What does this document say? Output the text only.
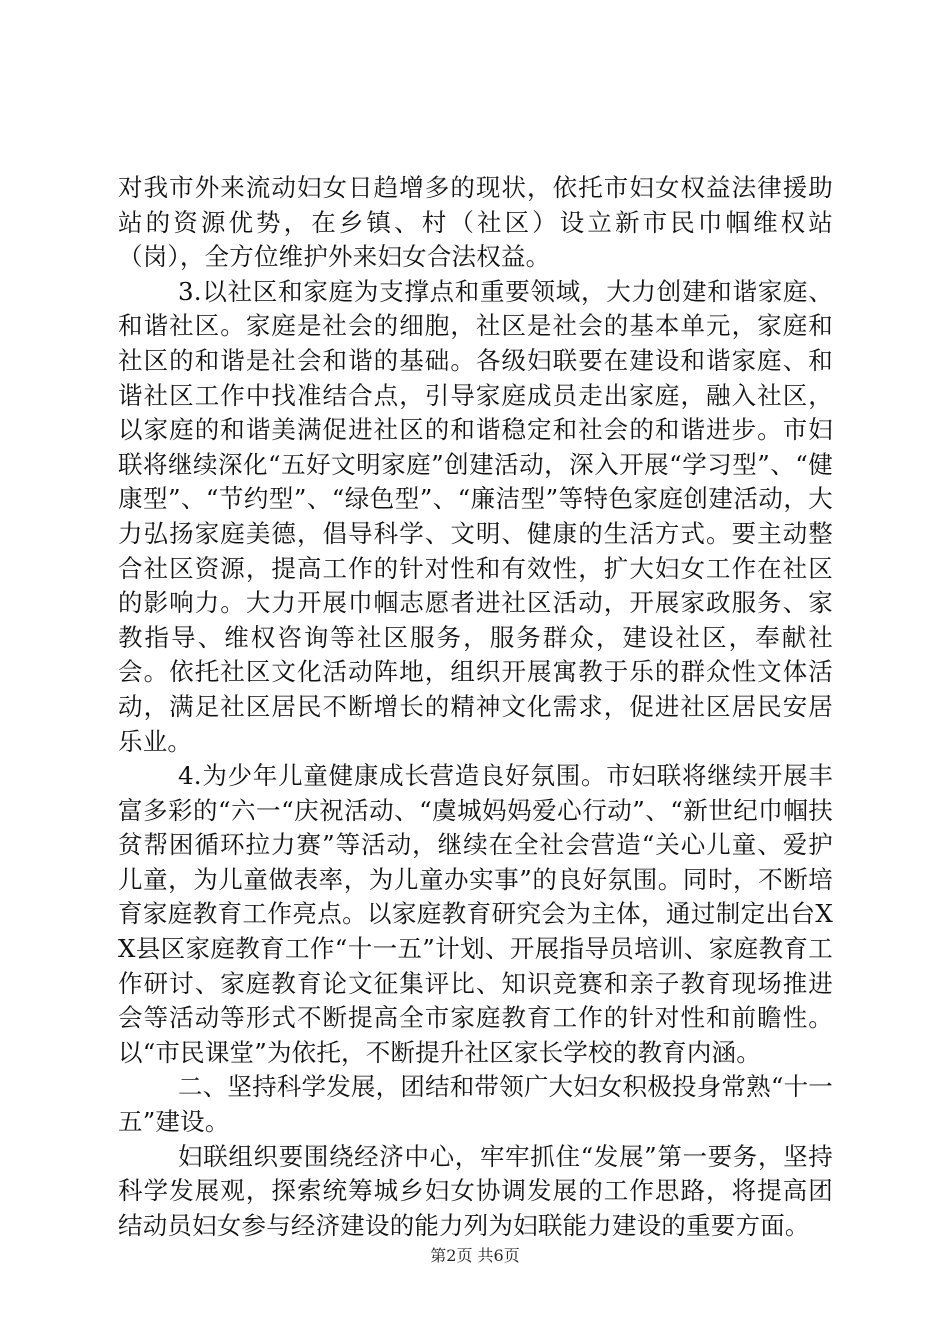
对我市外来流动妇女日趋增多的现状，依托市妇女权益法律援助站的资源优势，在乡镇、村（社区）设立新市民巾帼维权站（岗），全方位维护外来妇女合法权益。

3.以社区和家庭为支撑点和重要领域，大力创建和谐家庭、和谐社区。家庭是社会的细胞，社区是社会的基本单元，家庭和社区的和谐是社会和谐的基础。各级妇联要在建设和谐家庭、和谐社区工作中找准结合点，引导家庭成员走出家庭，融入社区，以家庭的和谐美满促进社区的和谐稳定和社会的和谐进步。市妇联将继续深化“五好文明家庭”创建活动，深入开展“学习型”、“健康型”、“节约型”、“绿色型”、“廉洁型”等特色家庭创建活动，大力弘扬家庭美德，倡导科学、文明、健康的生活方式。要主动整合社区资源，提高工作的针对性和有效性，扩大妇女工作在社区的影响力。大力开展巾帼志愿者进社区活动，开展家政服务、家教指导、维权咨询等社区服务，服务群众，建设社区，奉献社会。依托社区文化活动阵地，组织开展寓教于乐的群众性文体活动，满足社区居民不断增长的精神文化需求，促进社区居民安居乐业。

4.为少年儿童健康成长营造良好氛围。市妇联将继续开展丰富多彩的“六一“庆祝活动、“虞城妈妈爱心行动”、“新世纪巾帼扶贫帮困循环拉力赛”等活动，继续在全社会营造“关心儿童、爱护儿童，为儿童做表率，为儿童办实事”的良好氛围。同时，不断培育家庭教育工作亮点。以家庭教育研究会为主体，通过制定出台XX县区家庭教育工作“十一五”计划、开展指导员培训、家庭教育工作研讨、家庭教育论文征集评比、知识竞赛和亲子教育现场推进会等活动等形式不断提高全市家庭教育工作的针对性和前瞻性。以“市民课堂”为依托，不断提升社区家长学校的教育内涵。

二、坚持科学发展，团结和带领广大妇女积极投身常熟“十一五”建设。

妇联组织要围绕经济中心，牢牢抓住“发展”第一要务，坚持科学发展观，探索统筹城乡妇女协调发展的工作思路，将提高团结动员妇女参与经济建设的能力列为妇联能力建设的重要方面。

第2页 共6页
